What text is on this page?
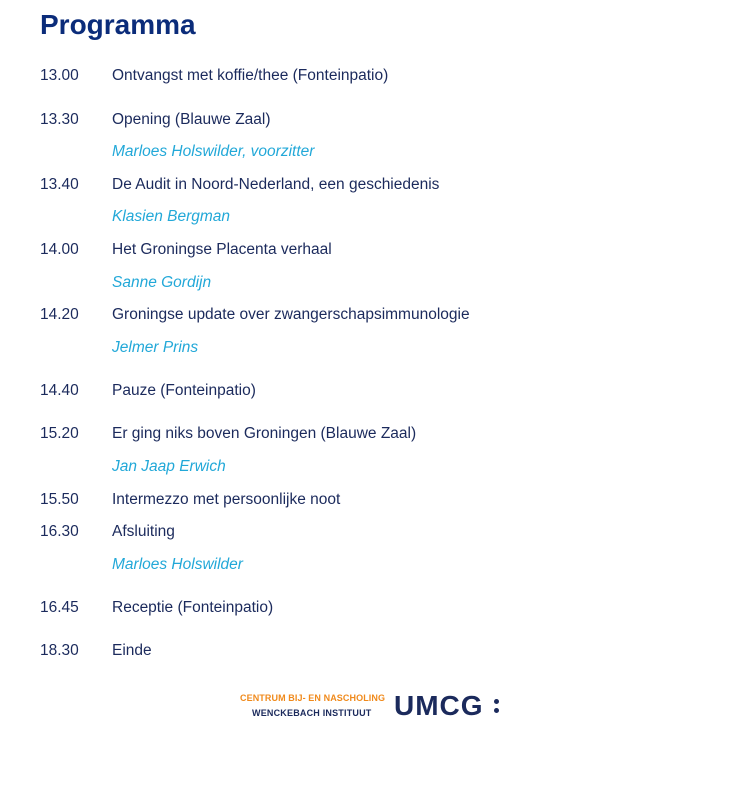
Programma
13.00 Ontvangst met koffie/thee (Fonteinpatio)
13.30 Opening (Blauwe Zaal)
Marloes Holswilder, voorzitter
13.40 De Audit in Noord-Nederland, een geschiedenis
Klasien Bergman
14.00 Het Groningse Placenta verhaal
Sanne Gordijn
14.20 Groningse update over zwangerschapsimmunologie
Jelmer Prins
14.40 Pauze (Fonteinpatio)
15.20 Er ging niks boven Groningen (Blauwe Zaal)
Jan Jaap Erwich
15.50 Intermezzo met persoonlijke noot
16.30 Afsluiting
Marloes Holswilder
16.45 Receptie (Fonteinpatio)
18.30 Einde
CENTRUM BIJ- EN NASCHOLING
WENCKEBACH INSTITUUT UMCG
